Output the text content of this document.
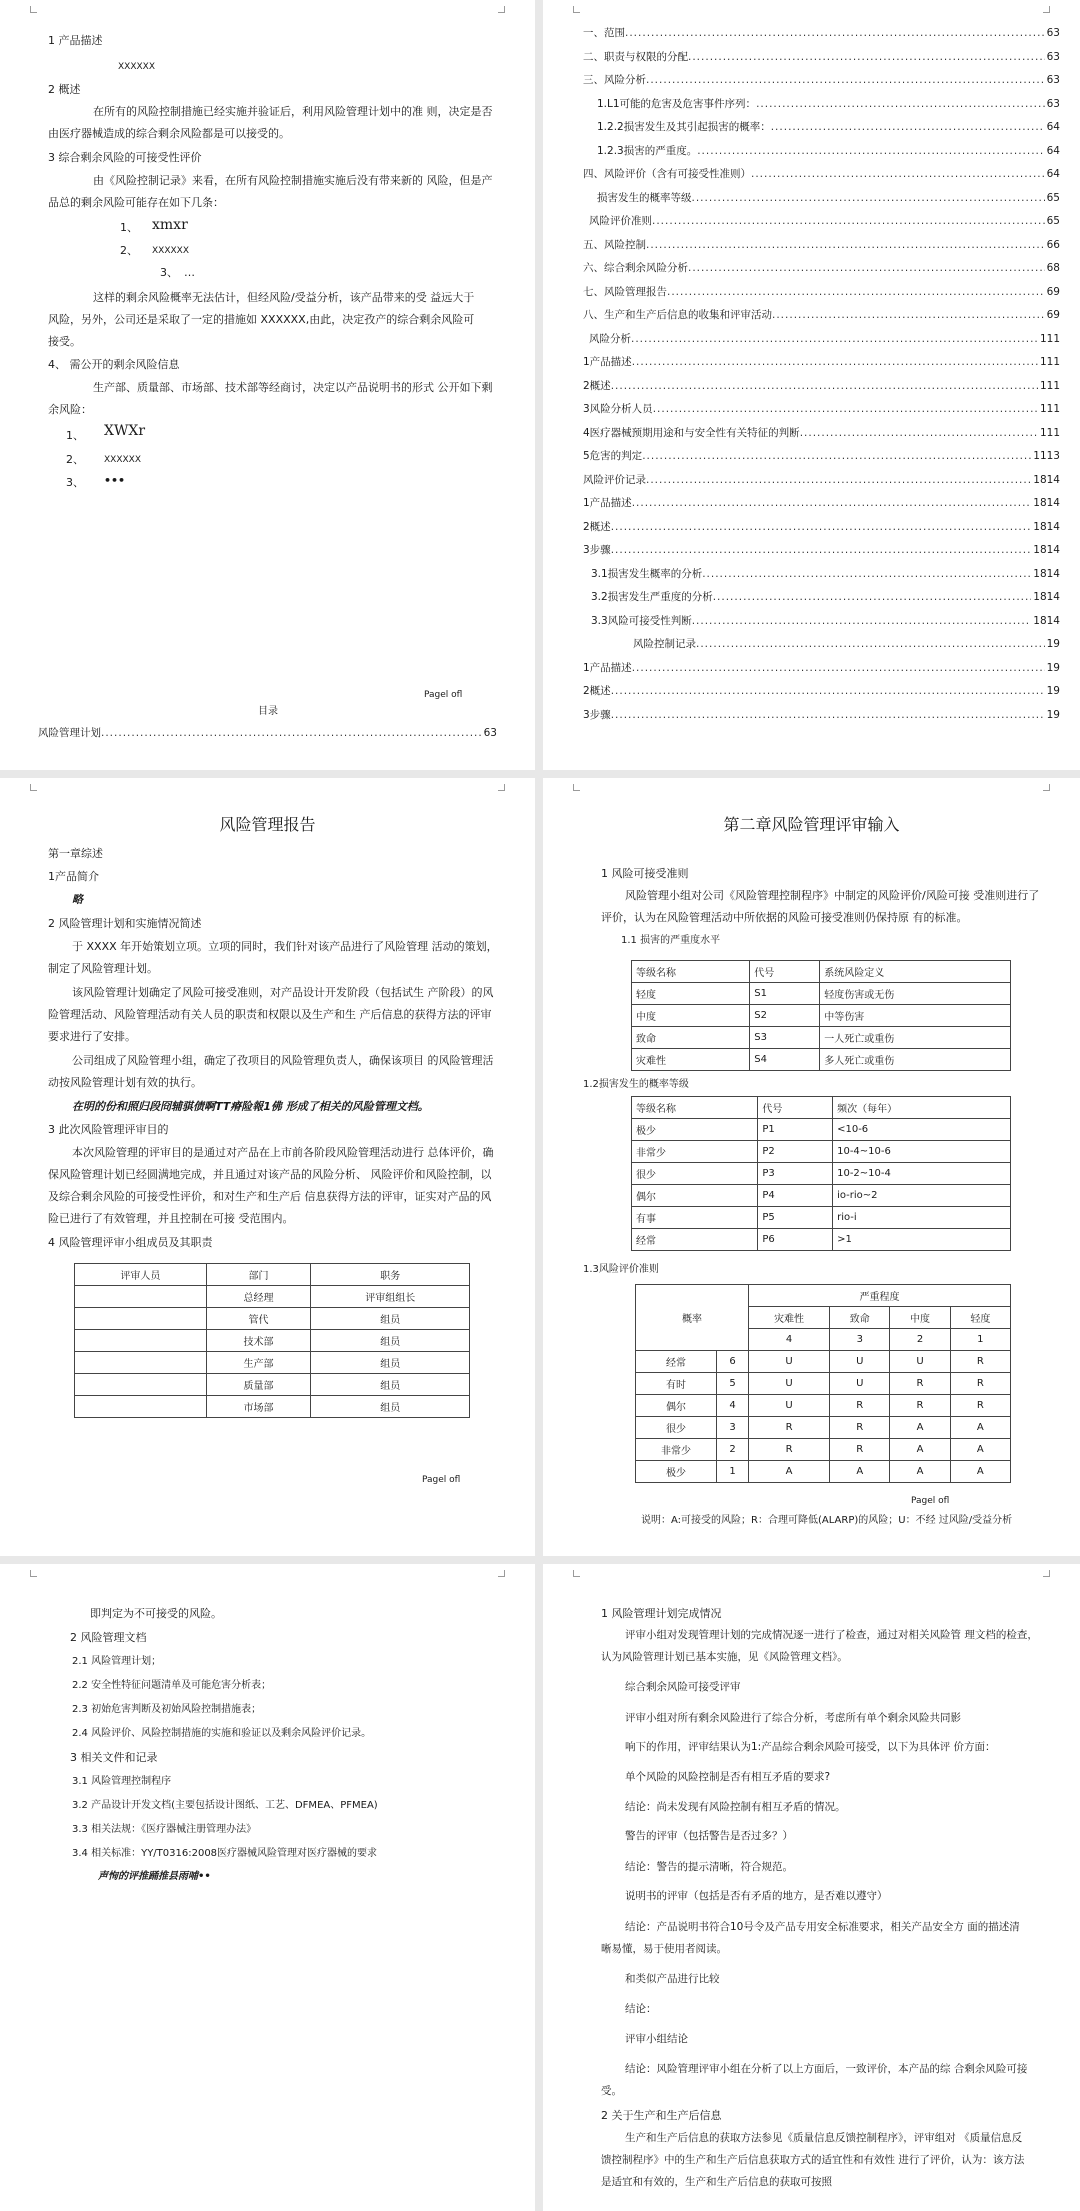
1 产品描述
XXXXXX
2 概述
在所有的风险控制措施已经实施并验证后，利用风险管理计划中的准 则，决定是否
由医疗器械造成的综合剩余风险都是可以接受的。
3 综合剩余风险的可接受性评价
由《风险控制记录》来看，在所有风险控制措施实施后没有带来新的 风险，但是产
品总的剩余风险可能存在如下几条：
1、 xmxr
2、 XXXXXX
3、 …
这样的剩余风险概率无法估计，但经风险/受益分析，该产品带来的受 益远大于
风险，另外，公司还是采取了一定的措施如 XXXXXX,由此，决定孜产的综合剩余风险可
接受。
4、 需公开的剩余风险信息
生产部、质量部、市场部、技术部等经商讨，决定以产品说明书的形式 公开如下剩
余风险：
1、 XWXr
2、 XXXXXX
3、 •••
Pagel ofl
目录
风险管理计划 .....	63
一、范围 .....	63
二、职责与权限的分配 .....	63
三、风险分析 .....	63
1.L1可能的危害及危害事件序列： .....	63
1.2.2损害发生及其引起损害的概率： .....	64
1.2.3损害的严重度。 .....	64
四、风险评价（含有可接受性准则） .....	64
损害发生的概率等级 .....	65
风险评价准则 .....	65
五、风险控制 .....	66
六、综合剩余风险分析 .....	68
七、风险管理报告 .....	69
八、生产和生产后信息的收集和评审活动 .....	69
风险分析 .....	111
1产品描述 .....	111
2概述 .....	111
3风险分析人员 .....	111
4医疗器械预期用途和与安全性有关特征的判断 .....	111
5危害的判定 .....	1113
风险评价记录 .....	1814
1产品描述 .....	1814
2概述 .....	1814
3步骤 .....	1814
3.1损害发生概率的分析 .....	1814
3.2损害发生严重度的分析 .....	1814
3.3风险可接受性判断 .....	1814
风险控制记录 .....	19
1产品描述 .....	19
2概述 .....	19
3步骤 .....	19
风险管理报告
第一章综述
1产品简介
略
2 风险管理计划和实施情况简述
于 XXXX 年开始策划立项。立项的同时，我们针对该产品进行了风险管理 活动的策划，
制定了风险管理计划。
该风险管理计划确定了风险可接受准则，对产品设计开发阶段（包括试生 产阶段）的风
险管理活动、风险管理活动有关人员的职责和权限以及生产和生 产后信息的获得方法的评审
要求进行了安排。
公司组成了风险管理小组，确定了孜项目的风险管理负责人，确保该项目 的风险管理活
动按风险管理计划有效的执行。
在明的份和照归段冏辅骐债啊TT瘠险報1佛 形成了相关的风险管理文档。
3 此次风险管理评审目的
本次风险管理的评审目的是通过对产品在上市前各阶段风险管理活动进行 总体评价，确
保风险管理计划已经圆满地完成，并且通过对该产品的风险分析、 风险评价和风险控制，以
及综合剩余风险的可接受性评价，和对生产和生产后 信息获得方法的评审，证实对产品的风
险已进行了有效管理，并且控制在可接 受范围内。
4 风险管理评审小组成员及其职责
评审人员	部门	职务
	总经理	评审组组长
	管代	组员
	技术部	组员
	生产部	组员
	质量部	组员
	市场部	组员
Pagel ofl
第二章风险管理评审输入
1 风险可接受准则
风险管理小组对公司《风险管理控制程序》中制定的风险评价/风险可接 受准则进行了
评价，认为在风险管理活动中所依据的风险可接受准则仍保持原 有的标准。
1.1 损害的严重度水平
等级名称	代号	系统风险定义
轻度	S1	轻度伤害或无伤
中度	S2	中等伤害
致命	S3	一人死亡或重伤
灾难性	S4	多人死亡或重伤
1.2损害发生的概率等级
等级名称	代号	频次（每年）
极少	P1	<10-6
非常少	P2	10-4~10-6
很少	P3	10-2~10-4
偶尔	P4	io-rio~2
有事	P5	rio-i
经常	P6	>1
1.3风险评价准则
概率		严重程度			
		灾难性	致命	中度	轻度
		4	3	2	1
经常	6	U	U	U	R
有时	5	U	U	R	R
偶尔	4	U	R	R	R
很少	3	R	R	A	A
非常少	2	R	R	A	A
极少	1	A	A	A	A
Pagel ofl
说明：A:可接受的风险；R：合理可降低(ALARP)的风险；U：不经 过风险/受益分析
即判定为不可接受的风险。
2 风险管理文档
2.1 风险管理计划；
2.2 安全性特征问题清单及可能危害分析表；
2.3 初始危害判断及初始风险控制措施表；
2.4 风险评价、风险控制措施的实施和验证以及剩余风险评价记录。
3 相关文件和记录
3.1 风险管理控制程序
3.2 产品设计开发文档(主要包括设计图纸、工艺、DFMEA、PFMEA)
3.3 相关法规：《医疗器械注册管理办法》
3.4 相关标准：YY/T0316:2008医疗器械风险管理对医疗器械的要求
声恂的评推踊推县雨哺••
1 风险管理计划完成情况
评审小组对发现管理计划的完成情况逐一进行了检查，通过对相关风险管 理文档的检查，
认为风险管理计划已基本实施，见《风险管理文档》。
综合剩余风险可接受评审
评审小组对所有剩余风险进行了综合分析，考虑所有单个剩余风险共同影
响下的作用，评审结果认为1:产品综合剩余风险可接受，以下为具体评 价方面：
单个风险的风险控制是否有相互矛盾的要求?
结论：尚未发现有风险控制有相互矛盾的情况。
警告的评审（包括警告是否过多？）
结论：警告的提示清晰，符合规范。
说明书的评审（包括是否有矛盾的地方，是否难以遵守）
结论：产品说明书符合10号令及产品专用安全标准要求，相关产品安全方 面的描述清
晰易懂，易于使用者阅读。
和类似产品进行比较
结论：
评审小组结论
结论：风险管理评审小组在分析了以上方面后，一致评价，本产品的综 合剩余风险可接
受。
2 关于生产和生产后信息
生产和生产后信息的获取方法参见《质量信息反馈控制程序》，评审组对 《质量信息反
馈控制程序》中的生产和生产后信息获取方式的适宜性和有效性 进行了评价，认为：该方法
是适宜和有效的，生产和生产后信息的获取可按照
